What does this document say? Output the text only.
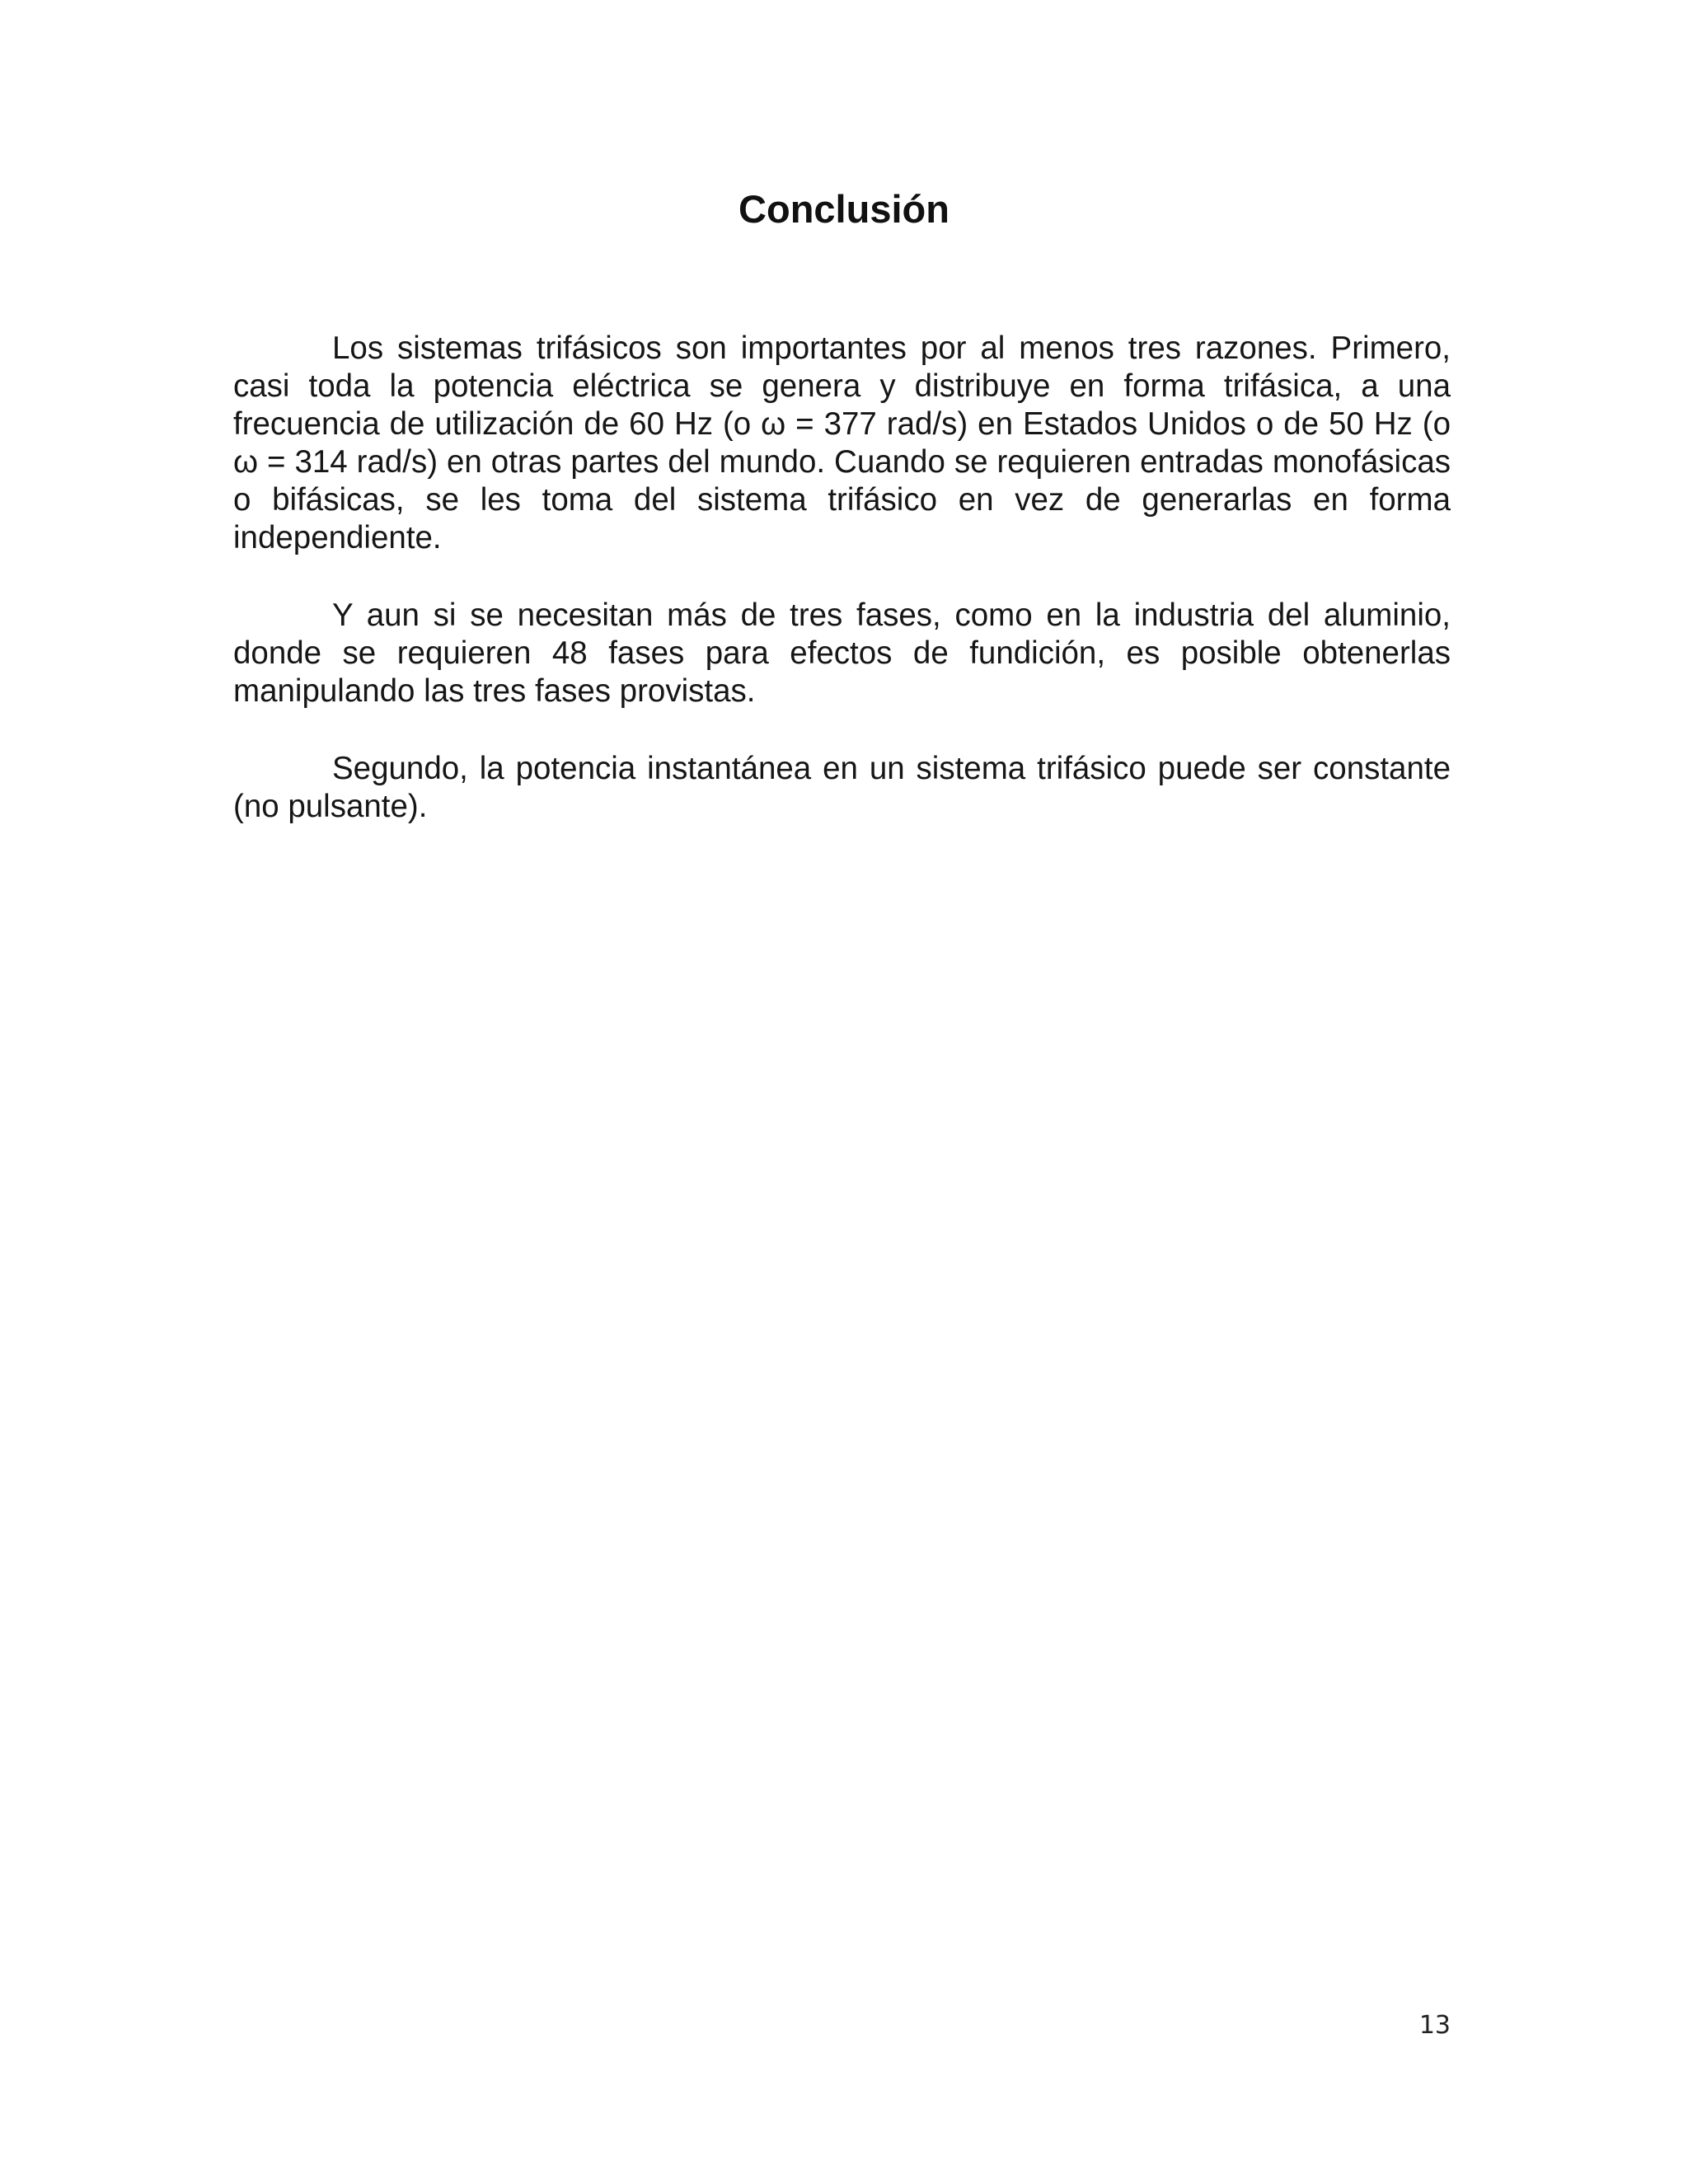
Conclusión

Los sistemas trifásicos son importantes por al menos tres razones. Primero, casi toda la potencia eléctrica se genera y distribuye en forma trifásica, a una frecuencia de utilización de 60 Hz (o ω = 377 rad/s) en Estados Unidos o de 50 Hz (o ω = 314 rad/s) en otras partes del mundo. Cuando se requieren entradas monofásicas o bifásicas, se les toma del sistema trifásico en vez de generarlas en forma independiente.

Y aun si se necesitan más de tres fases, como en la industria del aluminio, donde se requieren 48 fases para efectos de fundición, es posible obtenerlas manipulando las tres fases provistas.

Segundo, la potencia instantánea en un sistema trifásico puede ser constante (no pulsante).

13
